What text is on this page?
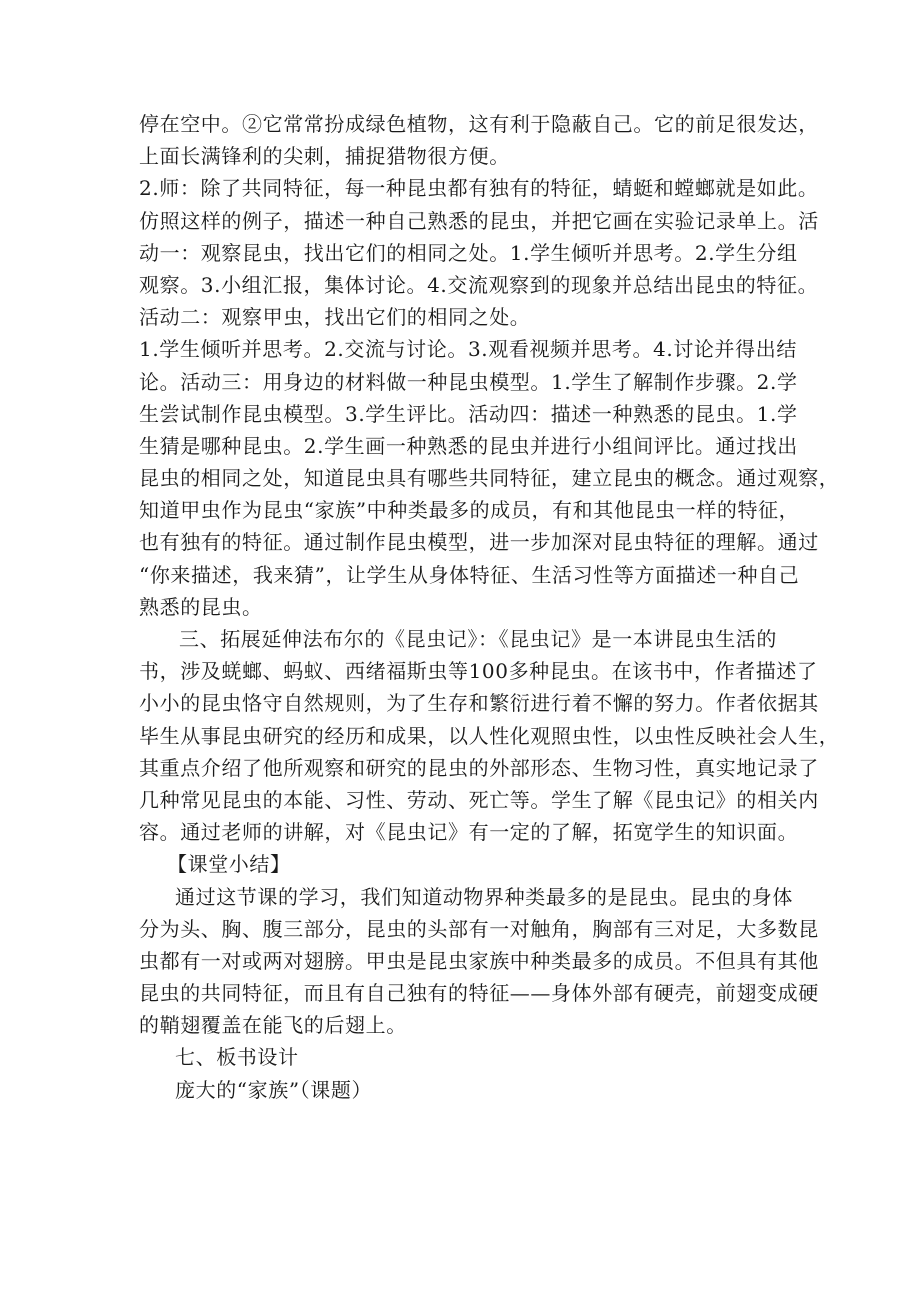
停在空中。②它常常扮成绿色植物，这有利于隐蔽自己。它的前足很发达，

上面长满锋利的尖刺，捕捉猎物很方便。

2.师：除了共同特征，每一种昆虫都有独有的特征，蜻蜓和螳螂就是如此。

仿照这样的例子，描述一种自己熟悉的昆虫，并把它画在实验记录单上。活

动一：观察昆虫，找出它们的相同之处。1.学生倾听并思考。2.学生分组

观察。3.小组汇报，集体讨论。4.交流观察到的现象并总结出昆虫的特征。

活动二：观察甲虫，找出它们的相同之处。

1.学生倾听并思考。2.交流与讨论。3.观看视频并思考。4.讨论并得出结

论。活动三：用身边的材料做一种昆虫模型。1.学生了解制作步骤。2.学

生尝试制作昆虫模型。3.学生评比。活动四：描述一种熟悉的昆虫。1.学

生猜是哪种昆虫。2.学生画一种熟悉的昆虫并进行小组间评比。通过找出

昆虫的相同之处，知道昆虫具有哪些共同特征，建立昆虫的概念。通过观察，

知道甲虫作为昆虫“家族”中种类最多的成员，有和其他昆虫一样的特征，

也有独有的特征。通过制作昆虫模型，进一步加深对昆虫特征的理解。通过

“你来描述，我来猜”，让学生从身体特征、生活习性等方面描述一种自己

熟悉的昆虫。

三、拓展延伸法布尔的《昆虫记》：《昆虫记》是一本讲昆虫生活的

书，涉及蜣螂、蚂蚁、西绪福斯虫等100多种昆虫。在该书中，作者描述了

小小的昆虫恪守自然规则，为了生存和繁衍进行着不懈的努力。作者依据其

毕生从事昆虫研究的经历和成果，以人性化观照虫性，以虫性反映社会人生，

其重点介绍了他所观察和研究的昆虫的外部形态、生物习性，真实地记录了

几种常见昆虫的本能、习性、劳动、死亡等。学生了解《昆虫记》的相关内

容。通过老师的讲解，对《昆虫记》有一定的了解，拓宽学生的知识面。

【课堂小结】

通过这节课的学习，我们知道动物界种类最多的是昆虫。昆虫的身体

分为头、胸、腹三部分，昆虫的头部有一对触角，胸部有三对足，大多数昆

虫都有一对或两对翅膀。甲虫是昆虫家族中种类最多的成员。不但具有其他

昆虫的共同特征，而且有自己独有的特征——身体外部有硬壳，前翅变成硬

的鞘翅覆盖在能飞的后翅上。

七、板书设计

庞大的“家族”（课题）
